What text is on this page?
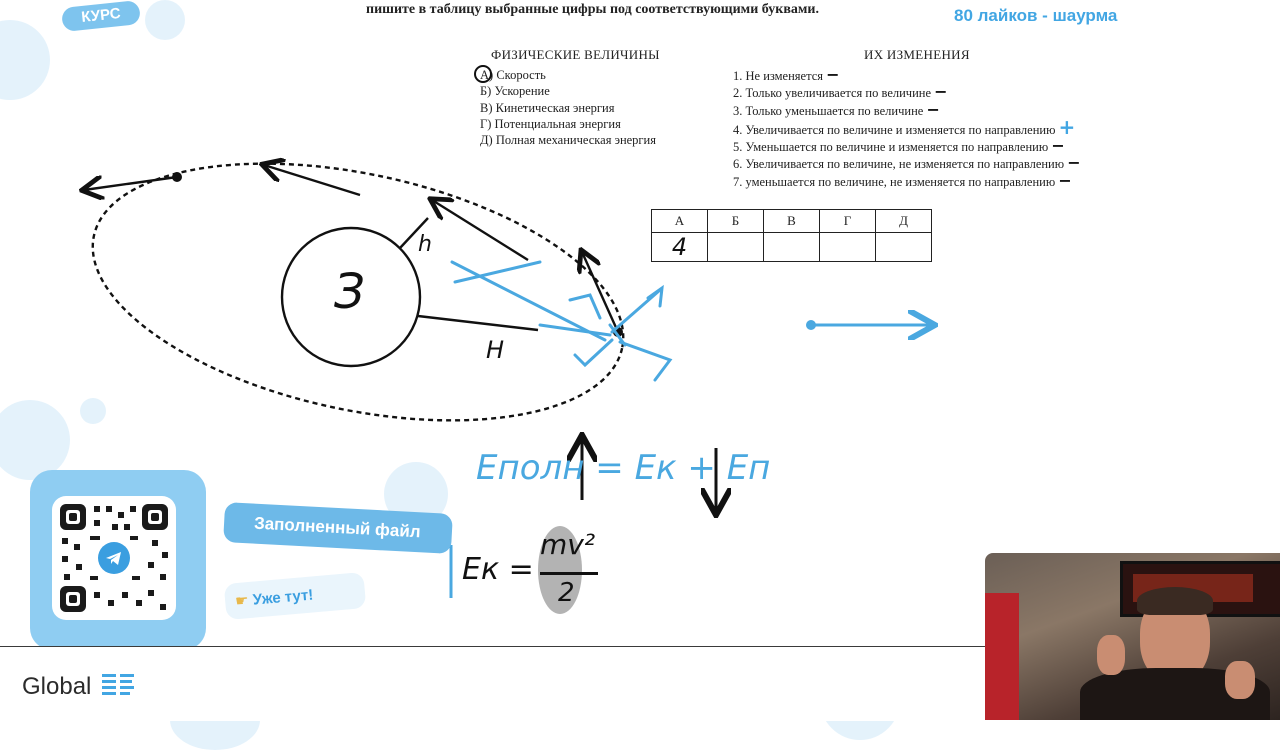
КУРС	пишите в таблицу выбранные цифры под соответствующими буквами.	80 лайков - шаурма
ФИЗИЧЕСКИЕ ВЕЛИЧИНЫ	ИХ ИЗМЕНЕНИЯ
A) Скорость
Б) Ускорение
В) Кинетическая энергия
Г) Потенциальная энергия
Д) Полная механическая энергия
1. Не изменяется −
2. Только увеличивается по величине −
3. Только уменьшается по величине −
4. Увеличивается по величине и изменяется по направлению +
5. Уменьшается по величине и изменяется по направлению −
6. Увеличивается по величине, не изменяется по направлению −
7. уменьшается по величине, не изменяется по направлению −
А	Б	В	Г	Д
4				
З
h
H
Eполн = Eк + Eп
Eк =
mv²
2
Заполненный файл
☛ Уже тут!
Global
